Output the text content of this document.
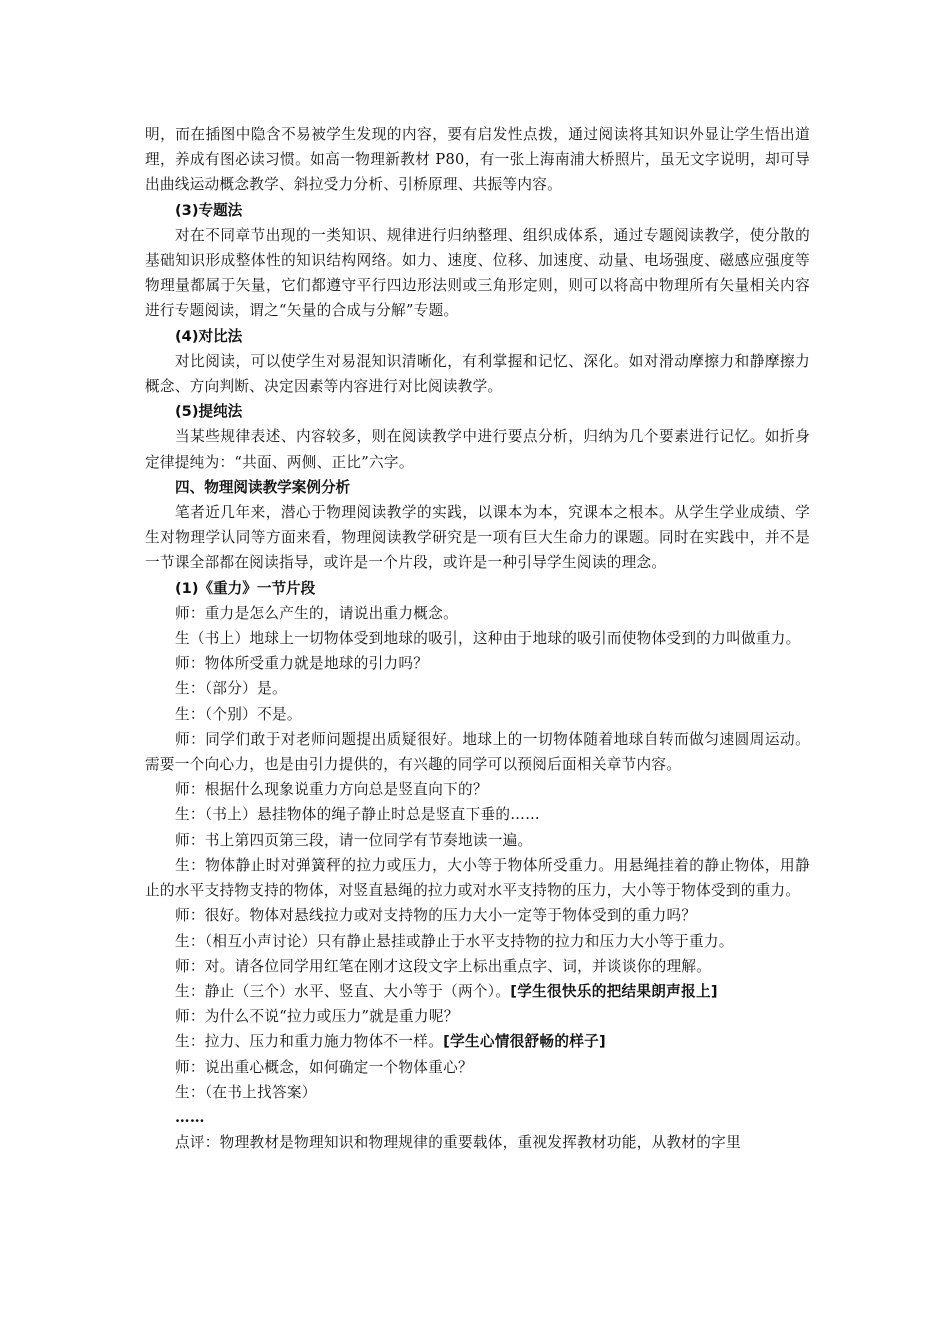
明，而在插图中隐含不易被学生发现的内容，要有启发性点拨，通过阅读将其知识外显让学生悟出道理，养成有图必读习惯。如高一物理新教材 P80，有一张上海南浦大桥照片，虽无文字说明，却可导出曲线运动概念教学、斜拉受力分析、引桥原理、共振等内容。

(3)专题法

对在不同章节出现的一类知识、规律进行归纳整理、组织成体系，通过专题阅读教学，使分散的基础知识形成整体性的知识结构网络。如力、速度、位移、加速度、动量、电场强度、磁感应强度等物理量都属于矢量，它们都遵守平行四边形法则或三角形定则，则可以将高中物理所有矢量相关内容进行专题阅读，谓之“矢量的合成与分解”专题。

(4)对比法

对比阅读，可以使学生对易混知识清晰化，有利掌握和记忆、深化。如对滑动摩擦力和静摩擦力概念、方向判断、决定因素等内容进行对比阅读教学。

(5)提纯法

当某些规律表述、内容较多，则在阅读教学中进行要点分析，归纳为几个要素进行记忆。如折身定律提纯为：“共面、两侧、正比”六字。

四、物理阅读教学案例分析

笔者近几年来，潜心于物理阅读教学的实践，以课本为本，究课本之根本。从学生学业成绩、学生对物理学认同等方面来看，物理阅读教学研究是一项有巨大生命力的课题。同时在实践中，并不是一节课全部都在阅读指导，或许是一个片段，或许是一种引导学生阅读的理念。

(1)《重力》一节片段

师：重力是怎么产生的，请说出重力概念。

生（书上）地球上一切物体受到地球的吸引，这种由于地球的吸引而使物体受到的力叫做重力。

师：物体所受重力就是地球的引力吗？

生：（部分）是。

生：（个别）不是。

师：同学们敢于对老师问题提出质疑很好。地球上的一切物体随着地球自转而做匀速圆周运动。需要一个向心力，也是由引力提供的，有兴趣的同学可以预阅后面相关章节内容。

师：根据什么现象说重力方向总是竖直向下的？

生：（书上）悬挂物体的绳子静止时总是竖直下垂的……

师：书上第四页第三段，请一位同学有节奏地读一遍。

生：物体静止时对弹簧秤的拉力或压力，大小等于物体所受重力。用悬绳挂着的静止物体，用静止的水平支持物支持的物体，对竖直悬绳的拉力或对水平支持物的压力，大小等于物体受到的重力。

师：很好。物体对悬线拉力或对支持物的压力大小一定等于物体受到的重力吗？

生：（相互小声讨论）只有静止悬挂或静止于水平支持物的拉力和压力大小等于重力。

师：对。请各位同学用红笔在刚才这段文字上标出重点字、词，并谈谈你的理解。

生：静止（三个）水平、竖直、大小等于（两个）。[学生很快乐的把结果朗声报上]

师：为什么不说“拉力或压力”就是重力呢？

生：拉力、压力和重力施力物体不一样。[学生心情很舒畅的样子]

师：说出重心概念，如何确定一个物体重心？

生：（在书上找答案）

……

点评：物理教材是物理知识和物理规律的重要载体，重视发挥教材功能，从教材的字里
